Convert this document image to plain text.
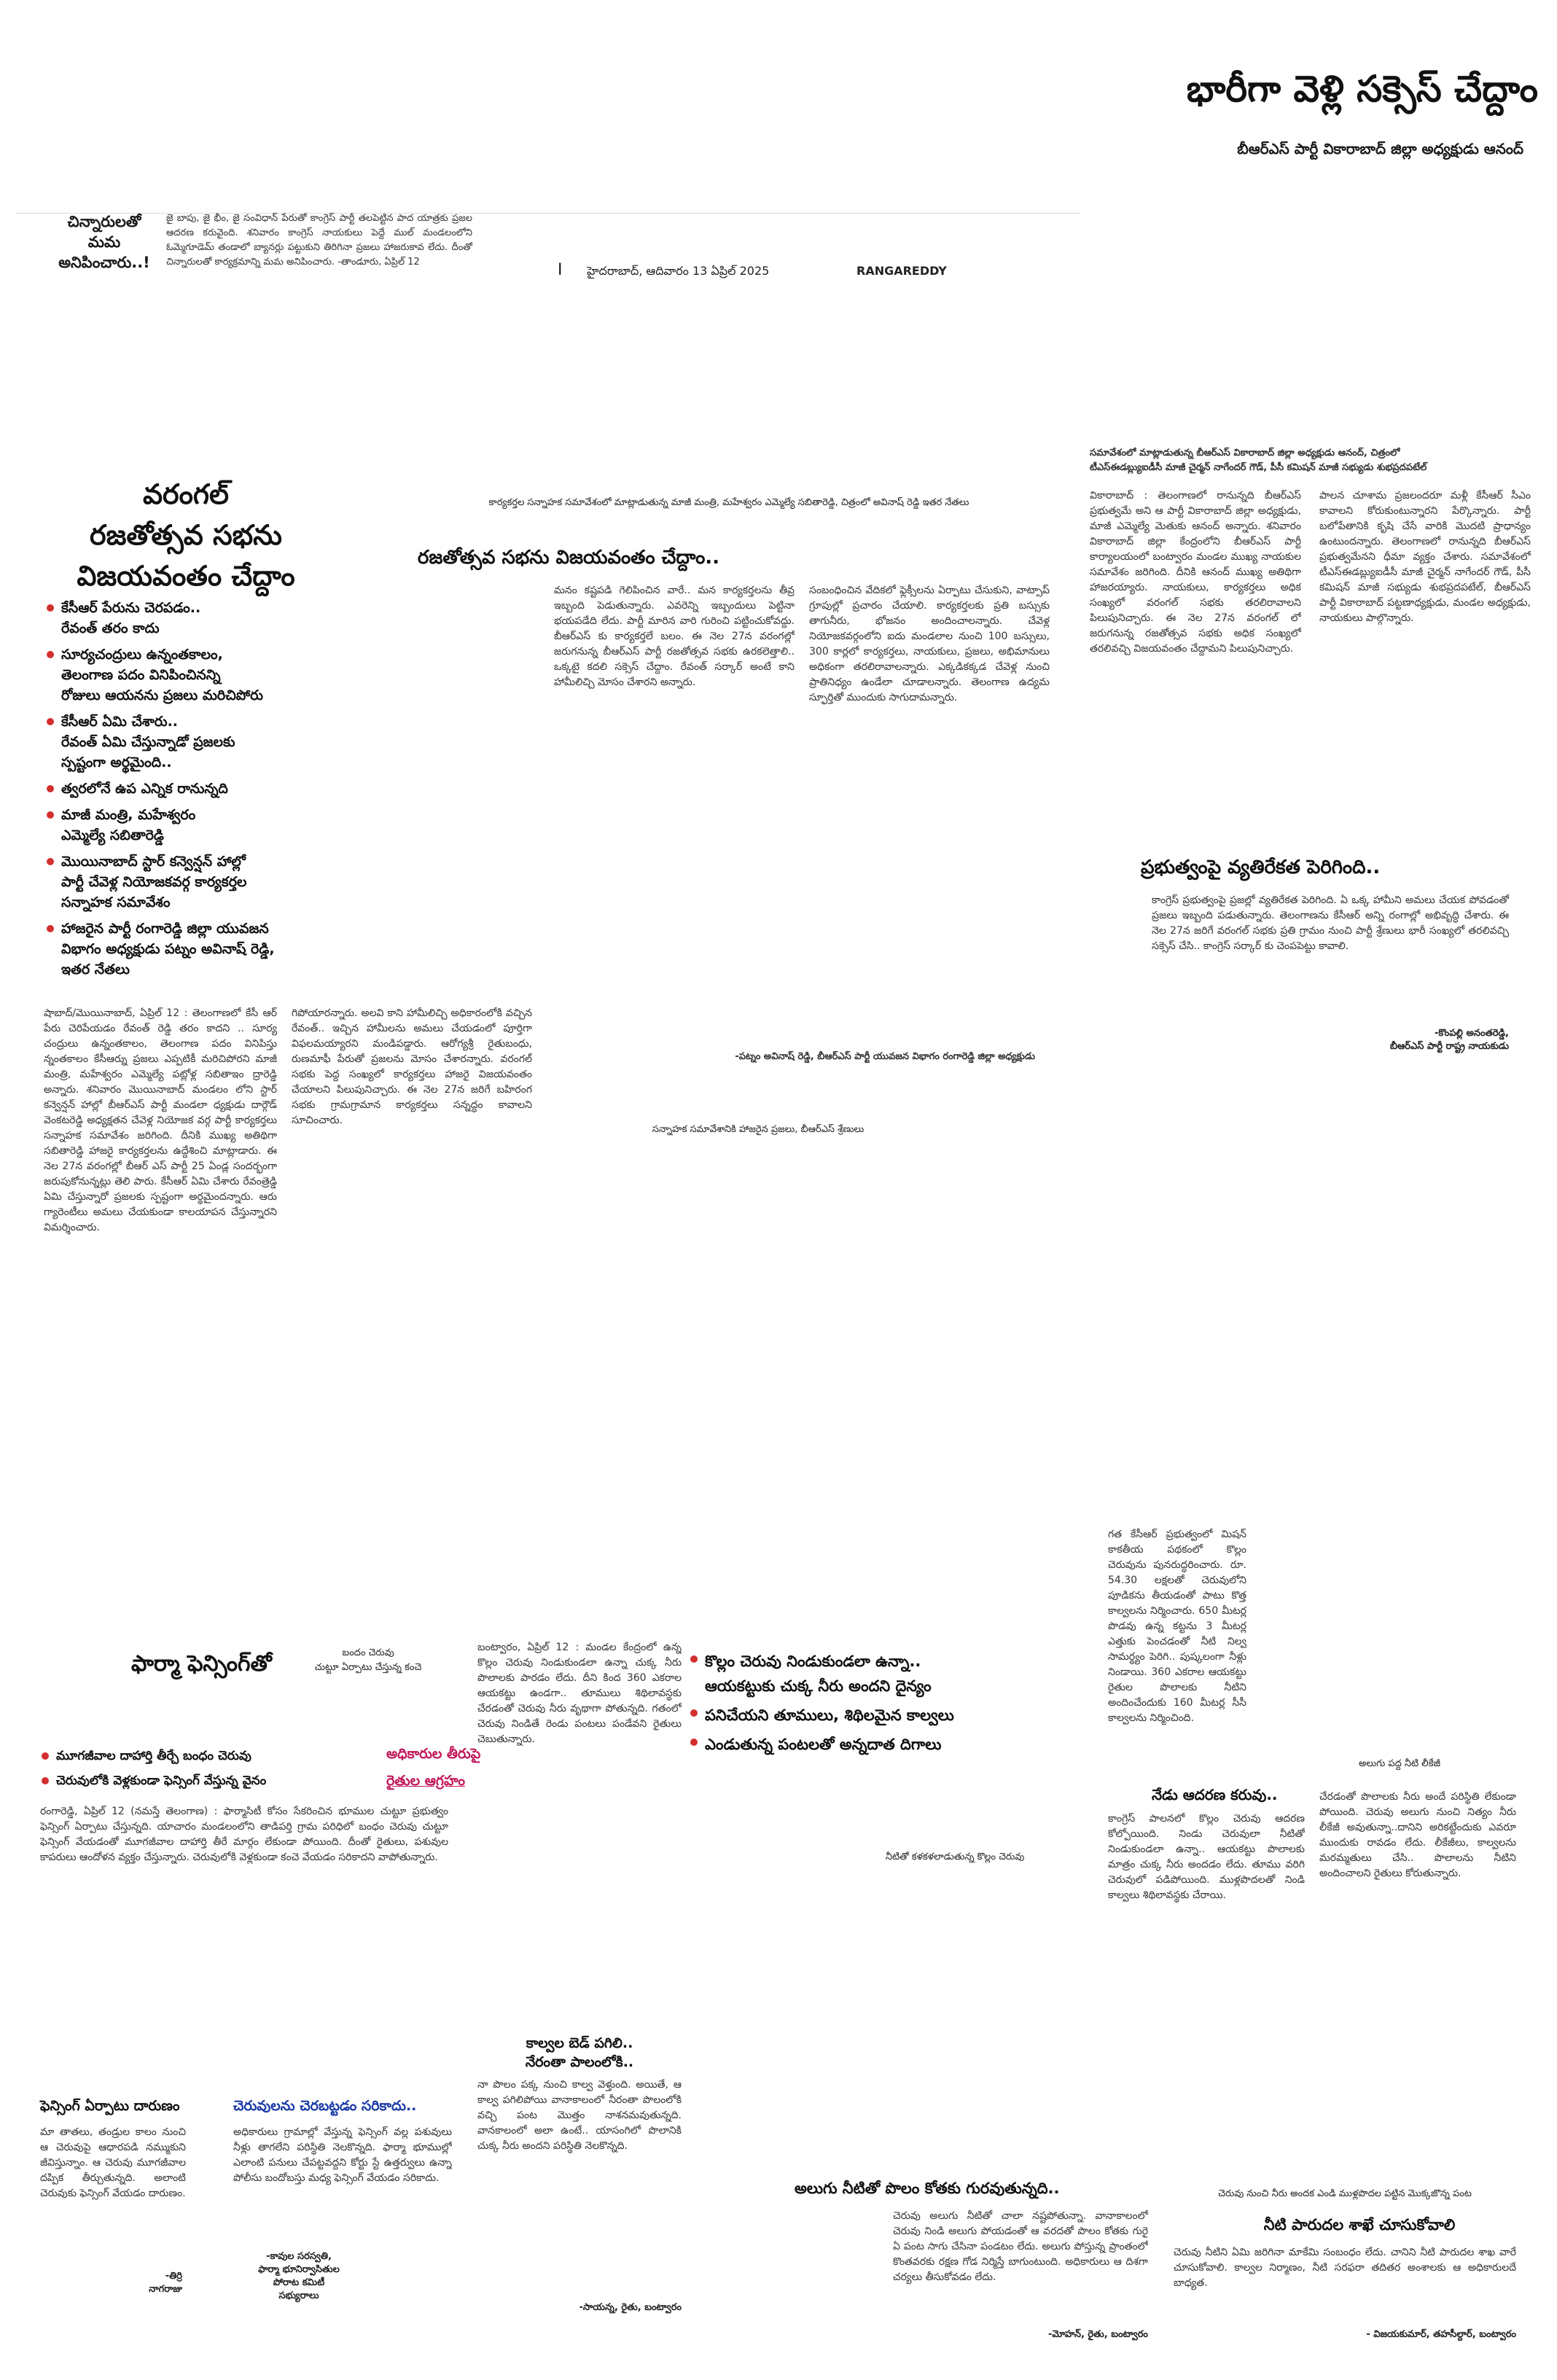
చిన్నారులతో
మమ
అనిపించారు..!
జై బాపు, జై భీం, జై సంవిధాన్ పేరుతో కాంగ్రెస్ పార్టీ తలపెట్టిన పాద యాత్రకు ప్రజల ఆదరణ కరువైంది. శనివారం కాంగ్రెస్ నాయకులు పెద్దే ముల్ మండలంలోని ఓమ్మెగూడెమ్ తండాలో బ్యానర్లు పట్టుకుని తిరిగినా ప్రజలు హాజరుకావ లేదు. దీంతో చిన్నారులతో కార్యక్రమాన్ని మమ అనిపించారు. -తాండూరు, ఏప్రిల్ 12	I హైదరాబాద్, ఆదివారం 13 ఏప్రిల్ 2025	RANGAREDDY
భారీగా వెళ్లి సక్సెస్ చేద్దాం
బీఆర్ఎస్ పార్టీ వికారాబాద్ జిల్లా అధ్యక్షుడు ఆనంద్
వరంగల్
రజతోత్సవ సభను
విజయవంతం చేద్దాం
కేసీఆర్ పేరును చెరపడం..
రేవంత్ తరం కాదు
సూర్యచంద్రులు ఉన్నంతకాలం,
తెలంగాణ పదం వినిపించినన్ని
రోజులు ఆయనను ప్రజలు మరిచిపోరు
కేసీఆర్ ఏమి చేశారు..
రేవంత్ ఏమి చేస్తున్నాడో ప్రజలకు
స్పష్టంగా అర్థమైంది..
త్వరలోనే ఉప ఎన్నిక రానున్నది
మాజీ మంత్రి, మహేశ్వరం
ఎమ్మెల్యే సబితారెడ్డి
మొయినాబాద్ స్టార్ కన్వెన్షన్ హాల్లో
పార్టీ చేవెళ్ల నియోజకవర్గ కార్యకర్తల
సన్నాహక సమావేశం
హాజరైన పార్టీ రంగారెడ్డి జిల్లా యువజన
విభాగం అధ్యక్షుడు పట్నం అవినాష్ రెడ్డి,
ఇతర నేతలు
కార్యకర్తల సన్నాహక సమావేశంలో మాట్లాడుతున్న మాజీ మంత్రి, మహేశ్వరం ఎమ్మెల్యే సబితారెడ్డి, చిత్రంలో అవినాష్ రెడ్డి ఇతర నేతలు
రజతోత్సవ సభను విజయవంతం చేద్దాం..
షాబాద్/మొయినాబాద్, ఏప్రిల్ 12 : తెలంగాణలో కేసీ ఆర్ పేరు చెరిపేయడం రేవంత్ రెడ్డి తరం కాదని .. సూర్య చంద్రులు ఉన్నంతకాలం, తెలంగాణ పదం వినిపిస్తు న్నంతకాలం కేసీఆర్ను ప్రజలు ఎప్పటికీ మరిచిపోరని మాజీ మంత్రి, మహేశ్వరం ఎమ్మెల్యే పట్లోళ్ల సబితాఇం ద్రారెడ్డి అన్నారు. శనివారం మొయినాబాద్ మండలం లోని స్టార్ కన్వెన్షన్ హాల్లో బీఆర్ఎస్ పార్టీ మండలా ధ్యక్షుడు దార్గౌడ్ వెంకటరెడ్డి అధ్యక్షతన చేవెళ్ల నియోజక వర్గ పార్టీ కార్యకర్తలు సన్నాహక సమావేశం జరిగింది. దీనికి ముఖ్య అతిథిగా సబితారెడ్డి హాజరై కార్యకర్తలను ఉద్దేశించి మాట్లాడారు. ఈ నెల 27న వరంగల్లో బీఆర్ ఎస్ పార్టీ 25 ఏండ్ల సందర్భంగా జరుపుకోనున్నట్లు తెలి పారు. కేసీఆర్ ఏమి చేశారు రేవంత్రెడ్డి ఏమి చేస్తున్నారో ప్రజలకు స్పష్టంగా అర్థమైందన్నారు. ఆరు గ్యారెంటీలు అమలు చేయకుండా కాలయాపన చేస్తున్నారని విమర్శించారు.
గిపోయారన్నారు. అలవి కాని హామీలిచ్చి అధికారంలోకి వచ్చిన రేవంత్.. ఇచ్చిన హామీలను అమలు చేయడంలో పూర్తిగా విఫలమయ్యారని మండిపడ్డారు. ఆరోగ్యశ్రీ రైతుబంధు, రుణమాఫీ పేరుతో ప్రజలను మోసం చేశారన్నారు. వరంగల్ సభకు పెద్ద సంఖ్యలో కార్యకర్తలు హాజరై విజయవంతం చేయాలని పిలుపునిచ్చారు. ఈ నెల 27న జరిగే బహిరంగ సభకు గ్రామగ్రామాన కార్యకర్తలు సన్నద్ధం కావాలని సూచించారు.
మనం కష్టపడి గెలిపించిన వారే.. మన కార్యకర్తలను తీవ్ర ఇబ్బంది పెడుతున్నారు. ఎవరెన్ని ఇబ్బందులు పెట్టినా భయపడేది లేదు. పార్టీ మారిన వారి గురించి పట్టించుకోవద్దు. బీఆర్ఎస్ కు కార్యకర్తలే బలం. ఈ నెల 27న వరంగల్లో జరుగనున్న బీఆర్ఎస్ పార్టీ రజతోత్సవ సభకు ఉరకలెత్తాలి.. ఒక్కటై కదలి సక్సెస్ చేద్దాం. రేవంత్ సర్కార్ అంటే కాని హామీలిచ్చి మోసం చేశారని అన్నారు.
-పట్నం అవినాష్ రెడ్డి, బీఆర్ఎస్ పార్టీ యువజన విభాగం రంగారెడ్డి జిల్లా అధ్యక్షుడు
సంబంధించిన వేదికలో ఫ్లెక్సీలను ఏర్పాటు చేసుకుని, వాట్సాప్ గ్రూపుల్లో ప్రచారం చేయాలి. కార్యకర్తలకు ప్రతి బస్సుకు తాగునీరు, భోజనం అందించాలన్నారు. చేవెళ్ల నియోజకవర్గంలోని ఐదు మండలాల నుంచి 100 బస్సులు, 300 కార్లలో కార్యకర్తలు, నాయకులు, ప్రజలు, అభిమానులు అధికంగా తరలిరావాలన్నారు. ఎక్కడికక్కడ చేవెళ్ల నుంచి ప్రాతినిధ్యం ఉండేలా చూడాలన్నారు. తెలంగాణ ఉద్యమ స్ఫూర్తితో ముందుకు సాగుదామన్నారు.
సన్నాహక సమావేశానికి హాజరైన ప్రజలు, బీఆర్ఎస్ శ్రేణులు
సమావేశంలో మాట్లాడుతున్న బీఆర్ఎస్ వికారాబాద్ జిల్లా అధ్యక్షుడు ఆనంద్, చిత్రంలో
టీఎస్ఈడబ్ల్యుఐడీసీ మాజీ చైర్మన్ నాగేందర్ గౌడ్, పీసీ కమిషన్ మాజీ సభ్యుడు శుభప్రదపటేల్
వికారాబాద్ : తెలంగాణలో రానున్నది బీఆర్ఎస్ ప్రభుత్వమే అని ఆ పార్టీ వికారాబాద్ జిల్లా అధ్యక్షుడు, మాజీ ఎమ్మెల్యే మెతుకు ఆనంద్ అన్నారు. శనివారం వికారాబాద్ జిల్లా కేంద్రంలోని బీఆర్ఎస్ పార్టీ కార్యాలయంలో బంట్వారం మండల ముఖ్య నాయకుల సమావేశం జరిగింది. దీనికి ఆనంద్ ముఖ్య అతిథిగా హాజరయ్యారు. నాయకులు, కార్యకర్తలు అధిక సంఖ్యలో వరంగల్ సభకు తరలిరావాలని పిలుపునిచ్చారు. ఈ నెల 27న వరంగల్ లో జరుగనున్న రజతోత్సవ సభకు అధిక సంఖ్యలో తరలివచ్చి విజయవంతం చేద్దామని పిలుపునిచ్చారు.
పాలన చూశామ ప్రజలందరూ మళ్లీ కేసీఆర్ సీఎం కావాలని కోరుకుంటున్నారని పేర్కొన్నారు. పార్టీ బలోపేతానికి కృషి చేసే వారికి మొదటి ప్రాధాన్యం ఉంటుందన్నారు. తెలంగాణలో రానున్నది బీఆర్ఎస్ ప్రభుత్వమేనని ధీమా వ్యక్తం చేశారు. సమావేశంలో టీఎస్ఈడబ్ల్యుఐడీసీ మాజీ చైర్మన్ నాగేందర్ గౌడ్, పీసీ కమిషన్ మాజీ సభ్యుడు శుభప్రదపటేల్, బీఆర్ఎస్ పార్టీ వికారాబాద్ పట్టణాధ్యక్షుడు, మండల అధ్యక్షుడు, నాయకులు పాల్గొన్నారు.
ప్రభుత్వంపై వ్యతిరేకత పెరిగింది..
కాంగ్రెస్ ప్రభుత్వంపై ప్రజల్లో వ్యతిరేకత పెరిగింది. ఏ ఒక్క హామీని అమలు చేయక పోవడంతో ప్రజలు ఇబ్బంది పడుతున్నారు. తెలంగాణను కేసీఆర్ అన్ని రంగాల్లో అభివృద్ధి చేశారు. ఈ నెల 27న జరిగే వరంగల్ సభకు ప్రతి గ్రామం నుంచి పార్టీ శ్రేణులు భారీ సంఖ్యలో తరలివచ్చి సక్సెస్ చేసి.. కాంగ్రెస్ సర్కార్ కు చెంపపెట్టు కావాలి.
-కొంపల్లి అనంతరెడ్డి,
బీఆర్ఎస్ పార్టీ రాష్ట్ర నాయకుడు
ఫార్మా ఫెన్సింగ్‌తో	బందం చెరువు
చుట్టూ ఏర్పాటు చేస్తున్న కంచె
మూగజీవాల దాహార్తి తీర్చే బంధం చెరువు
చెరువులోకి వెళ్లకుండా ఫెన్సింగ్ వేస్తున్న వైనం
అధికారుల తీరుపై
రైతుల ఆగ్రహం
రంగారెడ్డి, ఏప్రిల్ 12 (నమస్తే తెలంగాణ) : ఫార్మాసిటీ కోసం సేకరించిన భూముల చుట్టూ ప్రభుత్వం ఫెన్సింగ్ ఏర్పాటు చేస్తున్నది. యాచారం మండలంలోని తాడిపర్తి గ్రామ పరిధిలో బంధం చెరువు చుట్టూ ఫెన్సింగ్ వేయడంతో మూగజీవాల దాహార్తి తీరే మార్గం లేకుండా పోయింది. దీంతో రైతులు, పశువుల కాపరులు ఆందోళన వ్యక్తం చేస్తున్నారు. చెరువులోకి వెళ్లకుండా కంచె వేయడం సరికాదని వాపోతున్నారు.
ఫెన్సింగ్ ఏర్పాటు దారుణం	చెరువులను చెరబట్టడం సరికాదు..
మా తాతలు, తండ్రుల కాలం నుంచి ఆ చెరువుపై ఆధారపడి నమ్ముకుని జీవిస్తున్నాం. ఆ చెరువు మూగజీవాల దప్పిక తీర్చుతున్నది. అలాంటి చెరువుకు ఫెన్సింగ్ వేయడం దారుణం.
-తిర్రి
నాగరాజు
అధికారులు గ్రామాల్లో వేస్తున్న ఫెన్సింగ్ వల్ల పశువులు నీళ్లు తాగలేని పరిస్థితి నెలకొన్నది. ఫార్మా భూముల్లో ఎలాంటి పనులు చేపట్టవద్దని కోర్టు స్టే ఉత్తర్వులు ఉన్నా పోలీసు బందోబస్తు మధ్య ఫెన్సింగ్ వేయడం సరికాదు.
-కావుల సరస్వతి,
ఫార్మా భూనిర్వాసితుల
పోరాట కమిటీ
సభ్యురాలు
బంట్వారం, ఏప్రిల్ 12 : మండల కేంద్రంలో ఉన్న కొల్లం చెరువు నిండుకుండలా ఉన్నా చుక్క నీరు పొలాలకు పారడం లేదు. దీని కింద 360 ఎకరాల ఆయకట్టు ఉండగా.. తూములు శిథిలావస్థకు చేరడంతో చెరువు నీరు వృథాగా పోతున్నది. గతంలో చెరువు నిండితే రెండు పంటలు పండేవని రైతులు చెబుతున్నారు.
కాల్వల బెడ్ పగిలి..
నేరంతా పాలంలోకి..
నా పొలం పక్క నుంచి కాల్వ వెళ్తుంది. అయితే, ఆ కాల్వ పగిలిపోయి వానాకాలంలో నీరంతా పొలంలోకి వచ్చి పంట మొత్తం నాశనమవుతున్నది. వానకాలంలో అలా ఉంటే.. యాసంగిలో పొలానికి చుక్క నీరు అందని పరిస్థితి నెలకొన్నది.
-సాయన్న, రైతు, బంట్వారం
కొల్లం చెరువు నిండుకుండలా ఉన్నా..
ఆయకట్టుకు చుక్క నీరు అందని దైన్యం
పనిచేయని తూములు, శిథిలమైన కాల్వలు
ఎండుతున్న పంటలతో అన్నదాత దిగాలు
నీటితో కళకళలాడుతున్న కొల్లం చెరువు
గత కేసీఆర్ ప్రభుత్వంలో మిషన్ కాకతీయ పథకంలో కొల్లం చెరువును పునరుద్ధరించారు. రూ. 54.30 లక్షలతో చెరువులోని పూడికను తీయడంతో పాటు కొత్త కాల్వలను నిర్మించారు. 650 మీటర్ల పొడవు ఉన్న కట్టను 3 మీటర్ల ఎత్తుకు పెంచడంతో నీటి నిల్వ సామర్థ్యం పెరిగి.. పుష్కలంగా నీళ్లు నిండాయి. 360 ఎకరాల ఆయకట్టు రైతుల పొలాలకు నీటిని అందించేందుకు 160 మీటర్ల సీసీ కాల్వలను నిర్మించింది.
అలుగు పద్ద నీటి లీకేజీ
నేడు ఆదరణ కరువు..
కాంగ్రెస్ పాలనలో కొల్లం చెరువు ఆదరణ కోల్పోయింది. నిండు చెరువులా నీటితో నిండుకుండలా ఉన్నా.. ఆయకట్టు పొలాలకు మాత్రం చుక్క నీరు అందడం లేదు. తూము వరిగి చెరువులో పడిపోయింది. ముళ్లపొదలతో నిండి కాల్వలు శిథిలావస్థకు చేరాయి.
చేరడంతో పొలాలకు నీరు అందే పరిస్థితి లేకుండా పోయింది. చెరువు అలుగు నుంచి నిత్యం నీరు లీకేజీ అవుతున్నా..దానిని అరికట్టేందుకు ఎవరూ ముందుకు రావడం లేదు. లీకేజీలు, కాల్వలను మరమ్మతులు చేసి.. పొలాలను నీటిని అందించాలని రైతులు కోరుతున్నారు.
అలుగు నీటితో పొలం కోతకు గురవుతున్నది..
చెరువు అలుగు నీటితో చాలా నష్టపోతున్నా. వానాకాలంలో చెరువు నిండి అలుగు పోయడంతో ఆ వరదతో పొలం కోతకు గురై ఏ పంట సాగు చేసినా పండటం లేదు. అలుగు పోస్తున్న ప్రాంతంలో కొంతవరకు రక్షణ గోడ నిర్మిస్తే బాగుంటుంది. అధికారులు ఆ దిశగా చర్యలు తీసుకోవడం లేదు.
-మోహన్, రైతు, బంట్వారం
చెరువు నుంచి నీరు అందక ఎండి ముళ్లపొదల పట్టిన మొక్కజొన్న పంట
నీటి పారుదల శాఖే చూసుకోవాలి
చెరువు నీటిని ఏమి జరిగినా మాకేమి సంబంధం లేదు. చానిని నీటి పారుదల శాఖ వారే చూసుకోవాలి. కాల్వల నిర్మాణం, నీటి సరఫరా తదితర అంశాలకు ఆ అధికారులదే బాధ్యత.
- విజయకుమార్, తహసీల్దార్, బంట్వారం
